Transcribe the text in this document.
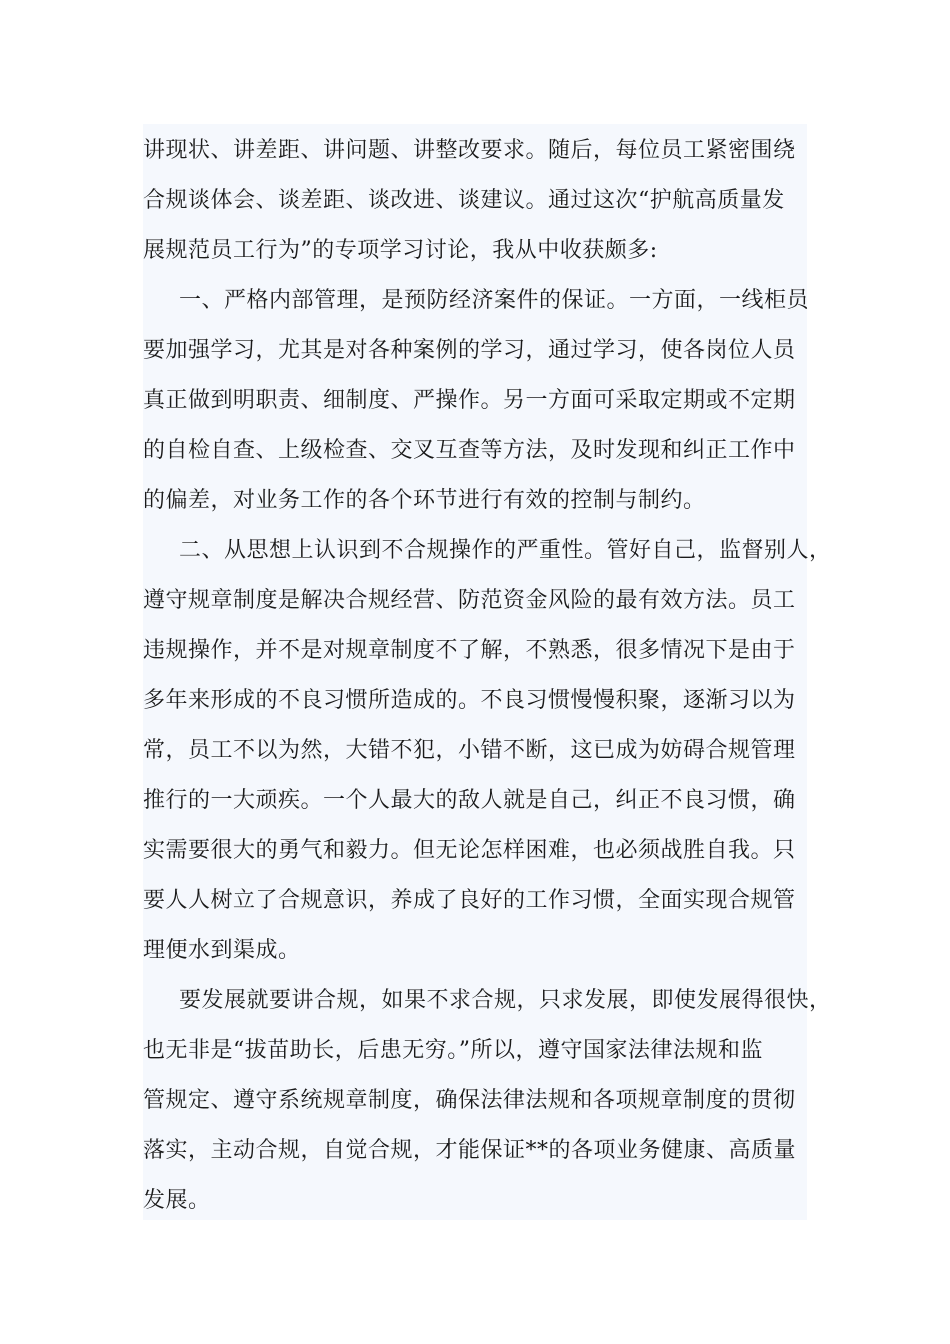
讲现状、讲差距、讲问题、讲整改要求。随后，每位员工紧密围绕
合规谈体会、谈差距、谈改进、谈建议。通过这次“护航高质量发
展规范员工行为”的专项学习讨论，我从中收获颇多:
一、严格内部管理，是预防经济案件的保证。一方面，一线柜员
要加强学习，尤其是对各种案例的学习，通过学习，使各岗位人员
真正做到明职责、细制度、严操作。另一方面可采取定期或不定期
的自检自查、上级检查、交叉互查等方法，及时发现和纠正工作中
的偏差，对业务工作的各个环节进行有效的控制与制约。
二、从思想上认识到不合规操作的严重性。管好自己，监督别人，
遵守规章制度是解决合规经营、防范资金风险的最有效方法。员工
违规操作，并不是对规章制度不了解，不熟悉，很多情况下是由于
多年来形成的不良习惯所造成的。不良习惯慢慢积聚，逐渐习以为
常，员工不以为然，大错不犯，小错不断，这已成为妨碍合规管理
推行的一大顽疾。一个人最大的敌人就是自己，纠正不良习惯，确
实需要很大的勇气和毅力。但无论怎样困难，也必须战胜自我。只
要人人树立了合规意识，养成了良好的工作习惯，全面实现合规管
理便水到渠成。
要发展就要讲合规，如果不求合规，只求发展，即使发展得很快，
也无非是“拔苗助长，后患无穷。”所以，遵守国家法律法规和监
管规定、遵守系统规章制度，确保法律法规和各项规章制度的贯彻
落实，主动合规，自觉合规，才能保证**的各项业务健康、高质量
发展。
